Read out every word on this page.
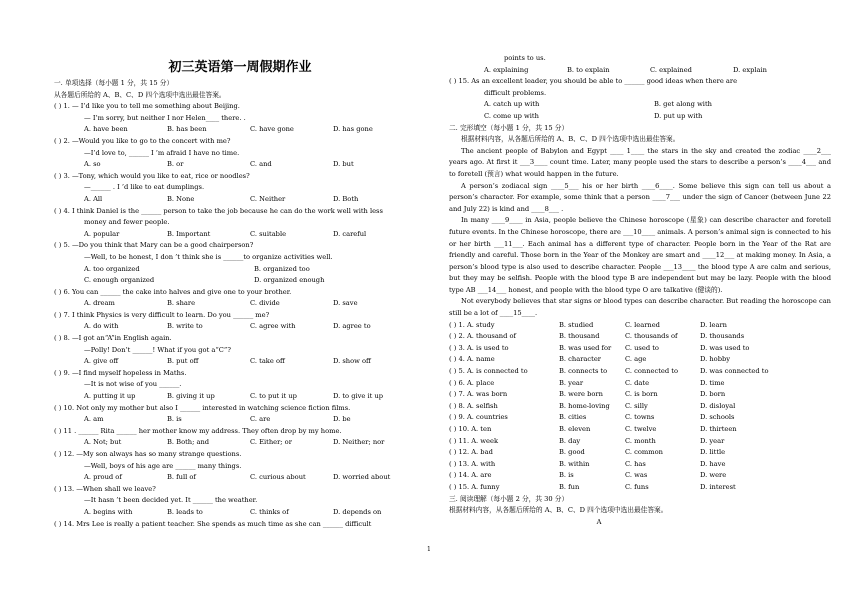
初三英语第一周假期作业
一. 单项选择（每小题 1 分，共 15 分）
从各题后所给的 A、B、C、D 四个选项中选出最佳答案。
( ) 1. — I’d like you to tell me something about Beijing.
— I’m sorry, but neither I nor Helen____ there. .
A. have been	B. has been	C. have gone	D. has gone
( ) 2. —Would you like to go to the concert with me?
—I’d love to, ______ I ’m afraid I have no time.
A. so	B. or	C. and	D. but
( ) 3. —Tony, which would you like to eat, rice or noodles?
—______ . I ’d like to eat dumplings.
A. All	B. None	C. Neither	D. Both
( ) 4. I think Daniel is the ______ person to take the job because he can do the work well with less
money and fewer people.
A. popular	B. Important	C. suitable	D. careful
( ) 5. —Do you think that Mary can be a good chairperson?
—Well, to be honest, I don ’t think she is ______to organize activities well.
A. too organized	B. organized too
C. enough organized	D. organized enough
( ) 6. You can ______ the cake into halves and give one to your brother.
A. dream	B. share	C. divide	D. save
( ) 7. I think Physics is very difficult to learn. Do you ______ me?
A. do with	B. write to	C. agree with	D. agree to
( ) 8. —I got an“A”in English again.
—Polly! Don’t ______! What if you got a“C”?
A. give off	B. put off	C. take off	D. show off
( ) 9. —I find myself hopeless in Maths.
—It is not wise of you ______.
A. putting it up	B. giving it up	C. to put it up	D. to give it up
( ) 10. Not only my mother but also I ______ interested in watching science fiction films.
A. am	B. is	C. are	D. be
( ) 11 . ______ Rita ______ her mother know my address. They often drop by my home.
A. Not; but	B. Both; and	C. Either; or	D. Neither; nor
( ) 12. —My son always has so many strange questions.
—Well, boys of his age are ______ many things.
A. proud of	B. full of	C. curious about	D. worried about
( ) 13. —When shall we leave?
—It hasn ’t been decided yet. It ______ the weather.
A. begins with	B. leads to	C. thinks of	D. depends on
( ) 14. Mrs Lee is really a patient teacher. She spends as much time as she can ______ difficult
points to us.
A. explaining	B. to explain	C. explained	D. explain
( ) 15. As an excellent leader, you should be able to ______ good ideas when there are
difficult problems.
A. catch up with	B. get along with
C. come up with	D. put up with
二. 完形填空（每小题 1 分，共 15 分）
根据材料内容，从各题后所给的 A、B、C、D 四个选项中选出最佳答案。

The ancient people of Babylon and Egypt ____ 1____ the stars in the sky and created the zodiac ____2___ years ago. At first it ___3____ count time. Later, many people used the stars to describe a person’s ____4___ and to foretell (预言) what would happen in the future.

A person’s zodiacal sign ____5___ his or her birth ____6____. Some believe this sign can tell us about a person’s character. For example, some think that a person ____7___ under the sign of Cancer (between June 22 and July 22) is kind and ____8___ .

In many ____9____ in Asia, people believe the Chinese horoscope (星象) can describe character and foretell future events. In the Chinese horoscope, there are ___10____ animals. A person’s animal sign is connected to his or her birth ___11___. Each animal has a different type of character. People born in the Year of the Rat are friendly and careful. Those born in the Year of the Monkey are smart and ____12___ at making money. In Asia, a person’s blood type is also used to describe character. People ___13____ the blood type A are calm and serious, but they may be selfish. People with the blood type B are independent but may be lazy. People with the blood type AB ___14___ honest, and people with the blood type O are talkative (健谈的).

Not everybody believes that star signs or blood types can describe character. But reading the horoscope can still be a lot of ____15____.

( ) 1. A. study	B. studied	C. learned	D. learn
( ) 2. A. thousand of	B. thousand	C. thousands of	D. thousands
( ) 3. A. is used to	B. was used for	C. used to	D. was used to
( ) 4. A. name	B. character	C. age	D. hobby
( ) 5. A. is connected to	B. connects to	C. connected to	D. was connected to
( ) 6. A. place	B. year	C. date	D. time
( ) 7. A. was born	B. were born	C. is born	D. born
( ) 8. A. selfish	B. home-loving	C. silly	D. disloyal
( ) 9. A. countries	B. cities	C. towns	D. schools
( ) 10. A. ten	B. eleven	C. twelve	D. thirteen
( ) 11. A. week	B. day	C. month	D. year
( ) 12. A. bad	B. good	C. common	D. little
( ) 13. A. with	B. within	C. has	D. have
( ) 14. A. are	B. is	C. was	D. were
( ) 15. A. funny	B. fun	C. funs	D. interest
三. 阅读理解（每小题 2 分，共 30 分）
根据材料内容，从各题后所给的 A、B、C、D 四个选项中选出最佳答案。
A
1
